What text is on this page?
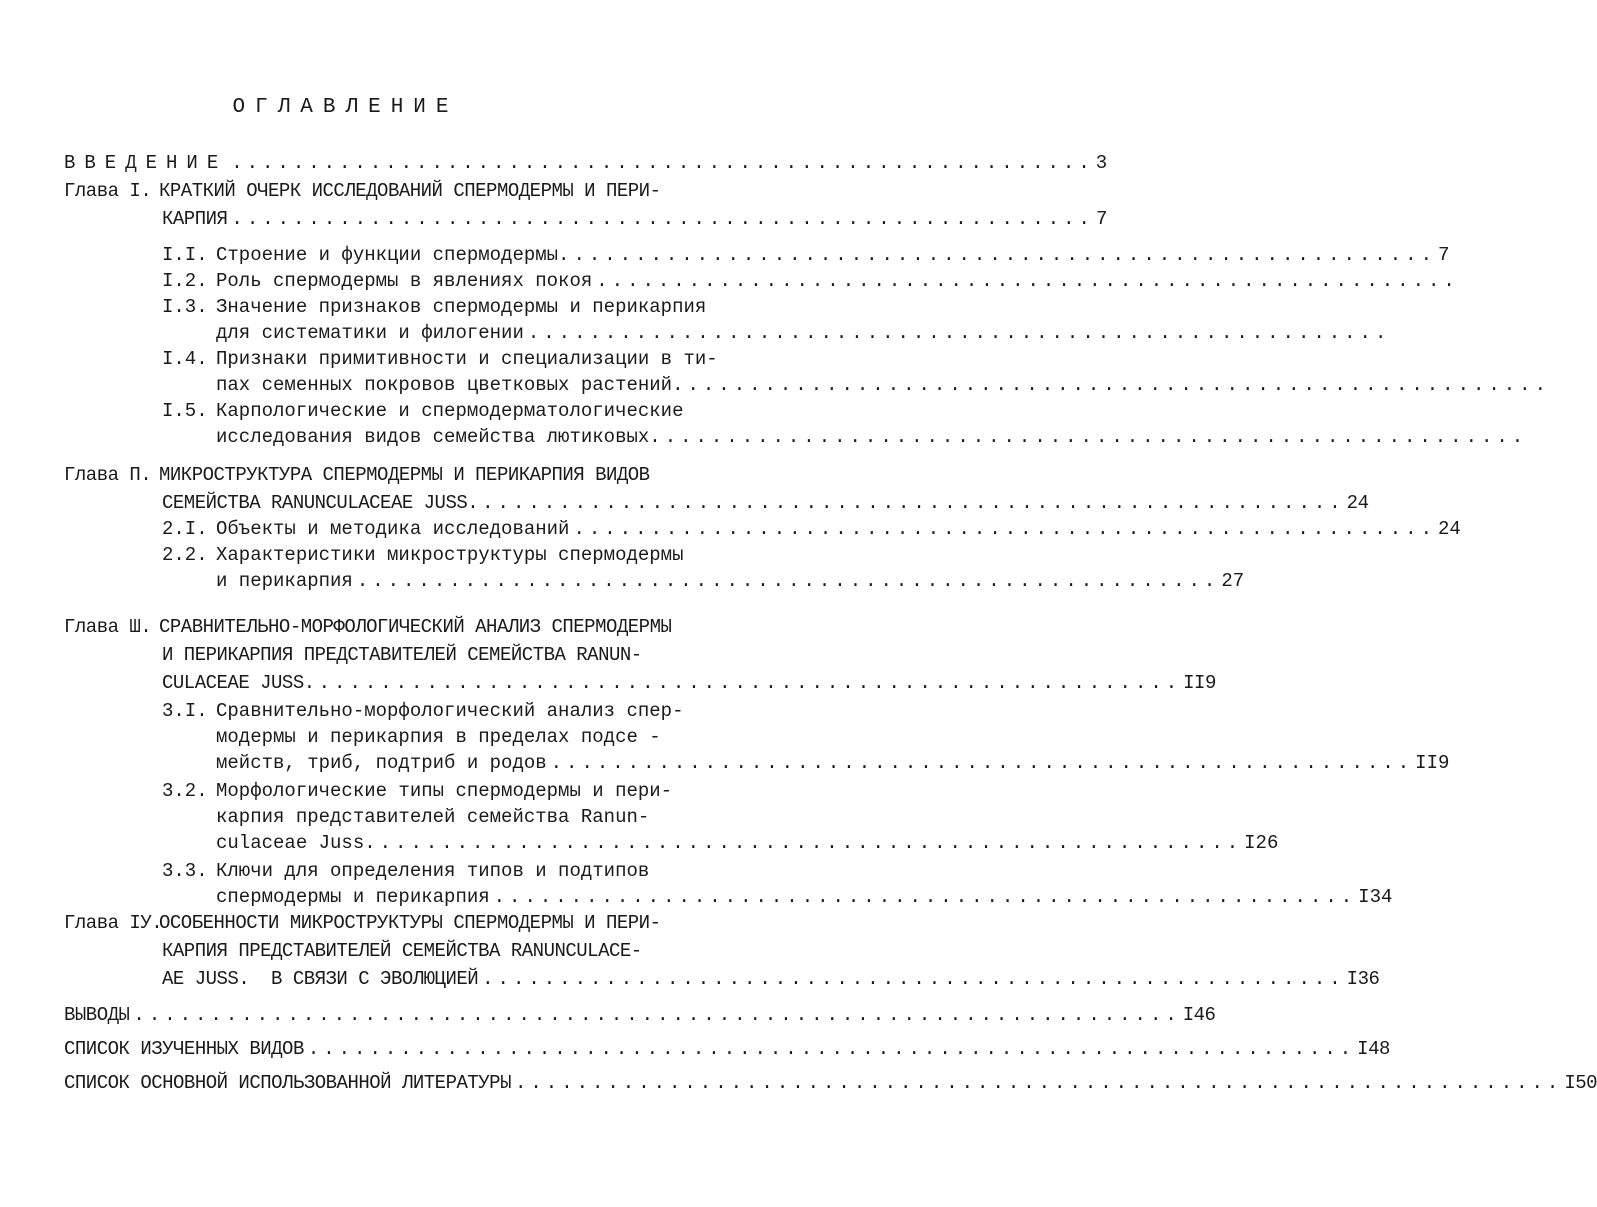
ОГЛАВЛЕНИЕ
ВВЕДЕНИЕ ........................................................ 3
Глава I. КРАТКИЙ ОЧЕРК ИССЛЕДОВАНИЙ СПЕРМОДЕРМЫ И ПЕРИ-
КАРПИЯ ........................................................ 7
I.I. Строение и функции спермодермы. ........................................................ 7
I.2. Роль спермодермы в явлениях покоя ........................................................
I.3. Значение признаков спермодермы и перикарпия
для систематики и филогении ........................................................
I.4. Признаки примитивности и специализации в ти-
пах семенных покровов цветковых растений. ........................................................
I.5. Карпологические и спермодерматологические
исследования видов семейства лютиковых. ........................................................
Глава П. МИКРОСТРУКТУРА СПЕРМОДЕРМЫ И ПЕРИКАРПИЯ ВИДОВ
СЕМЕЙСТВА RANUNCULACEAE JUSS. ........................................................ 24
2.I. Объекты и методика исследований ........................................................ 24
2.2. Характеристики микроструктуры спермодермы
и перикарпия ........................................................ 27
Глава Ш. СРАВНИТЕЛЬНО-МОРФОЛОГИЧЕСКИЙ АНАЛИЗ СПЕРМОДЕРМЫ
И ПЕРИКАРПИЯ ПРЕДСТАВИТЕЛЕЙ СЕМЕЙСТВА RANUN-
CULACEAE JUSS. ........................................................ II9
3.I. Сравнительно-морфологический анализ спер-
модермы и перикарпия в пределах подсе -
мейств, триб, подтриб и родов ........................................................ II9
3.2. Морфологические типы спермодермы и пери-
карпия представителей семейства Ranun-
culaceae Juss. ........................................................ I26
3.3. Ключи для определения типов и подтипов
спермодермы и перикарпия ........................................................ I34
Глава IУ.
ОСОБЕННОСТИ МИКРОСТРУКТУРЫ СПЕРМОДЕРМЫ И ПЕРИ-
КАРПИЯ ПРЕДСТАВИТЕЛЕЙ СЕМЕЙСТВА RANUNCULACE-
AE JUSS.  В СВЯЗИ С ЭВОЛЮЦИЕЙ ........................................................ I36
ВЫВОДЫ .................................................................... I46
СПИСОК ИЗУЧЕННЫХ ВИДОВ .................................................................... I48
СПИСОК ОСНОВНОЙ ИСПОЛЬЗОВАННОЙ ЛИТЕРАТУРЫ .................................................................... I50
